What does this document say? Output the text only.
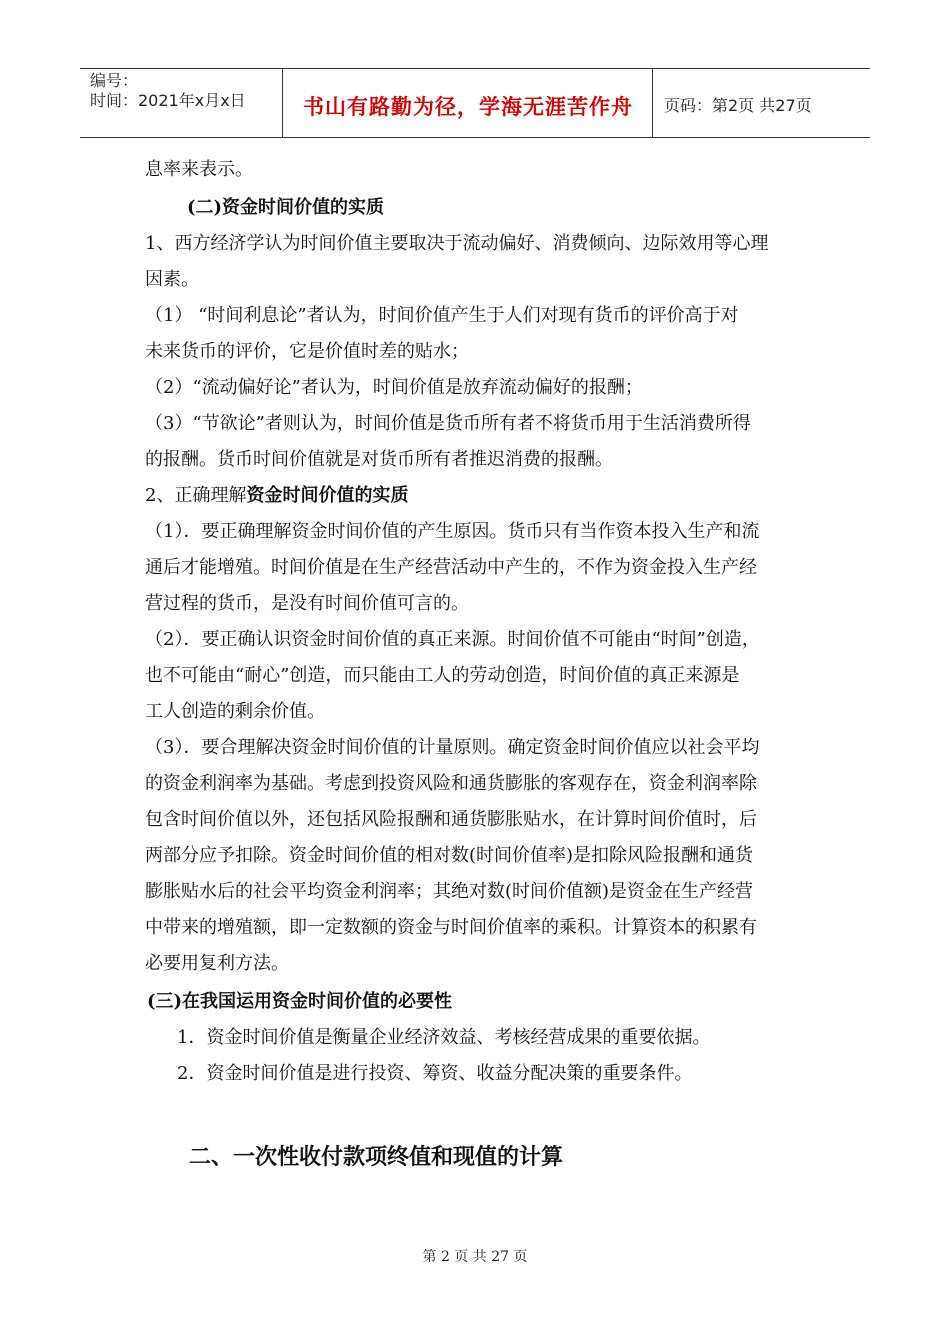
编号：
时间：2021年x月x日	书山有路勤为径，学海无涯苦作舟	页码：第2页 共27页
息率来表示。
(二)资金时间价值的实质
1、西方经济学认为时间价值主要取决于流动偏好、消费倾向、边际效用等心理
因素。
（1） “时间利息论”者认为，时间价值产生于人们对现有货币的评价高于对
未来货币的评价，它是价值时差的贴水；
（2）“流动偏好论”者认为，时间价值是放弃流动偏好的报酬；
（3）“节欲论”者则认为，时间价值是货币所有者不将货币用于生活消费所得
的报酬。货币时间价值就是对货币所有者推迟消费的报酬。
2、正确理解资金时间价值的实质
（1）．要正确理解资金时间价值的产生原因。货币只有当作资本投入生产和流
通后才能增殖。时间价值是在生产经营活动中产生的，不作为资金投入生产经
营过程的货币，是没有时间价值可言的。
（2）．要正确认识资金时间价值的真正来源。时间价值不可能由“时间”创造，
也不可能由“耐心”创造，而只能由工人的劳动创造，时间价值的真正来源是
工人创造的剩余价值。
（3）．要合理解决资金时间价值的计量原则。确定资金时间价值应以社会平均
的资金利润率为基础。考虑到投资风险和通货膨胀的客观存在，资金利润率除
包含时间价值以外，还包括风险报酬和通货膨胀贴水，在计算时间价值时，后
两部分应予扣除。资金时间价值的相对数(时间价值率)是扣除风险报酬和通货
膨胀贴水后的社会平均资金利润率；其绝对数(时间价值额)是资金在生产经营
中带来的增殖额，即一定数额的资金与时间价值率的乘积。计算资本的积累有
必要用复利方法。
(三)在我国运用资金时间价值的必要性
1．资金时间价值是衡量企业经济效益、考核经营成果的重要依据。
2．资金时间价值是进行投资、筹资、收益分配决策的重要条件。
二、一次性收付款项终值和现值的计算
第 2 页 共 27 页
